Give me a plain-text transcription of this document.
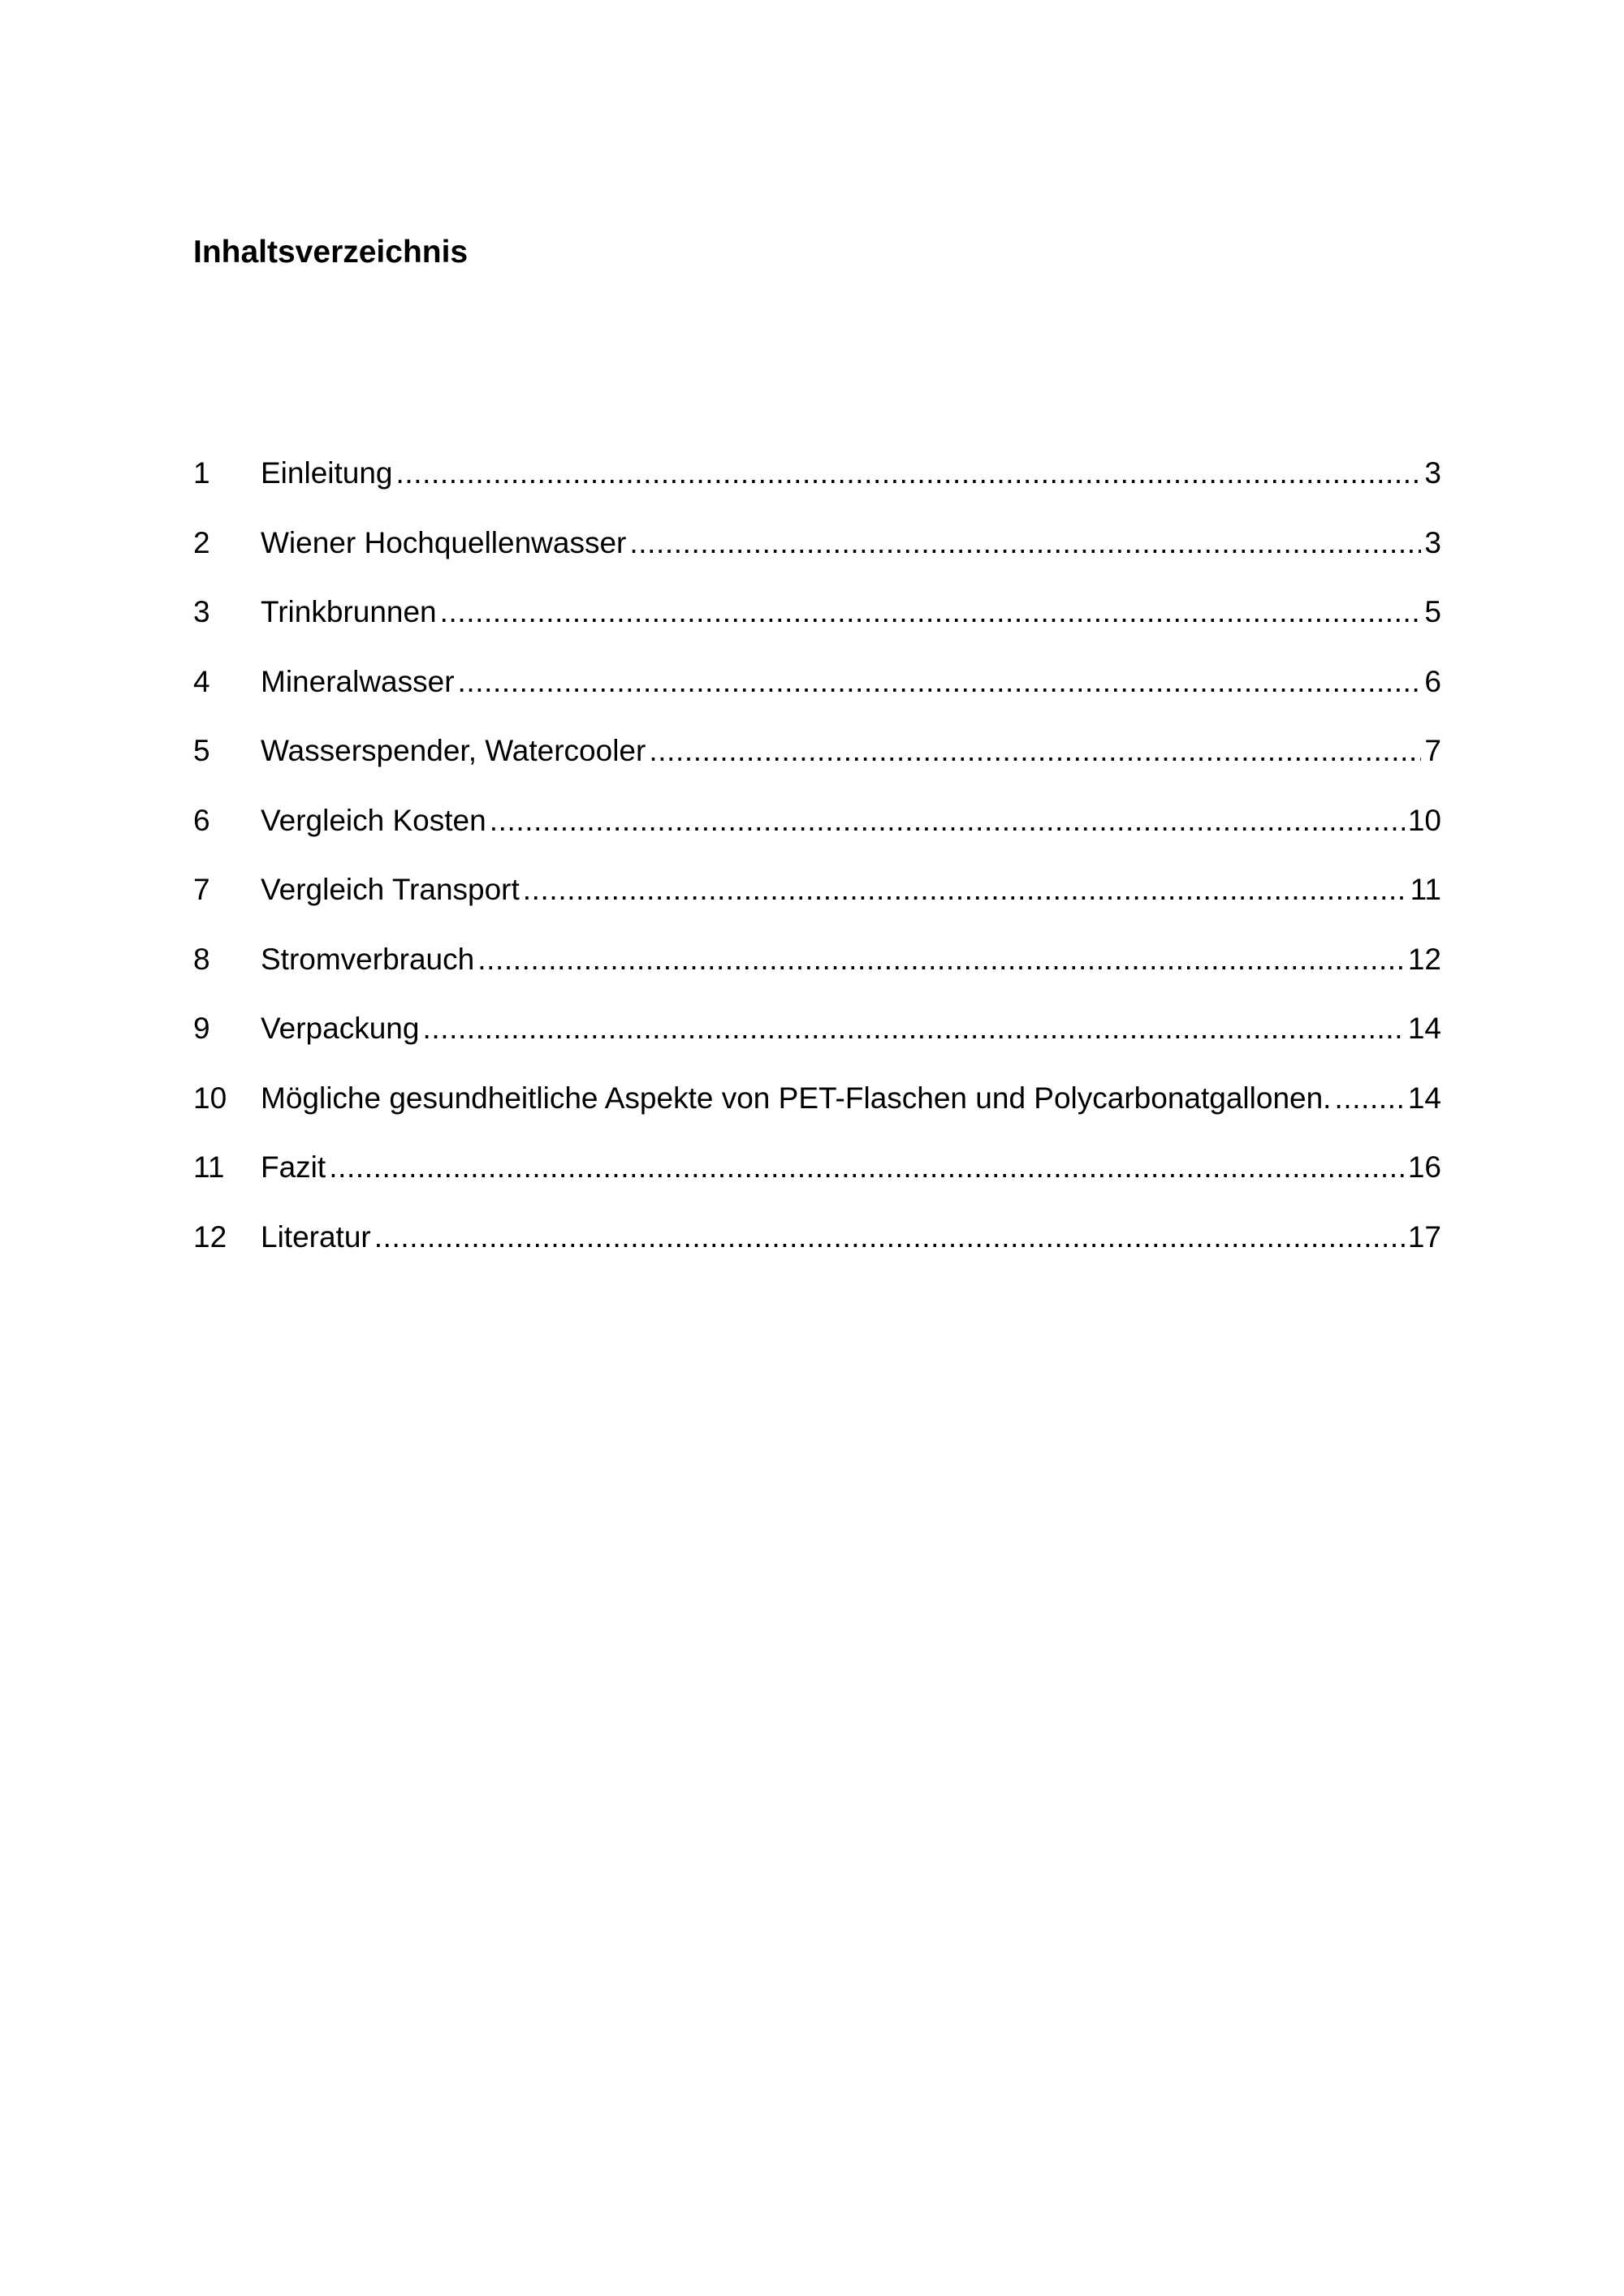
Inhaltsverzeichnis
1	Einleitung .....	3
2	Wiener Hochquellenwasser .....	3
3	Trinkbrunnen .....	5
4	Mineralwasser .....	6
5	Wasserspender, Watercooler .....	7
6	Vergleich Kosten .....	10
7	Vergleich Transport .....	11
8	Stromverbrauch .....	12
9	Verpackung .....	14
10	Mögliche gesundheitliche Aspekte von PET-Flaschen und Polycarbonatgallonen. .....	14
11	Fazit .....	16
12	Literatur .....	17
